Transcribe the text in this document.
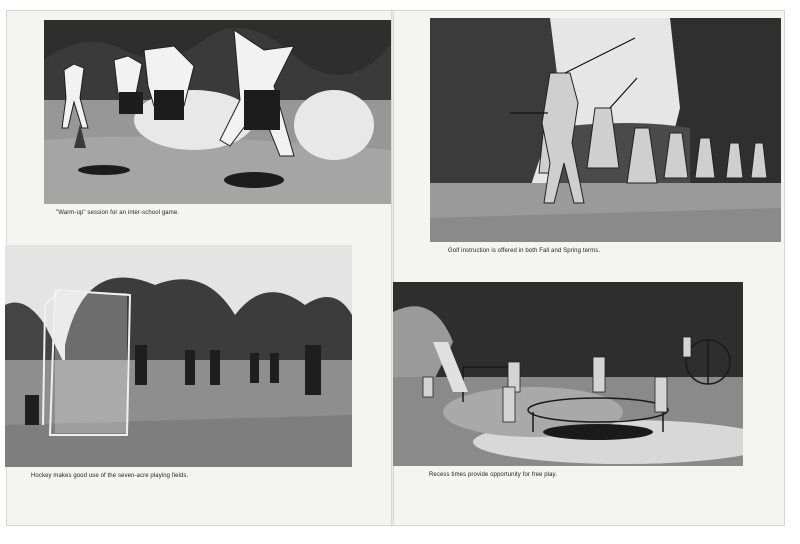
"Warm-up" session for an inter-school game.
Golf instruction is offered in both Fall and Spring terms.
Hockey makes good use of the seven-acre playing fields.	Recess times provide opportunity for free play.
